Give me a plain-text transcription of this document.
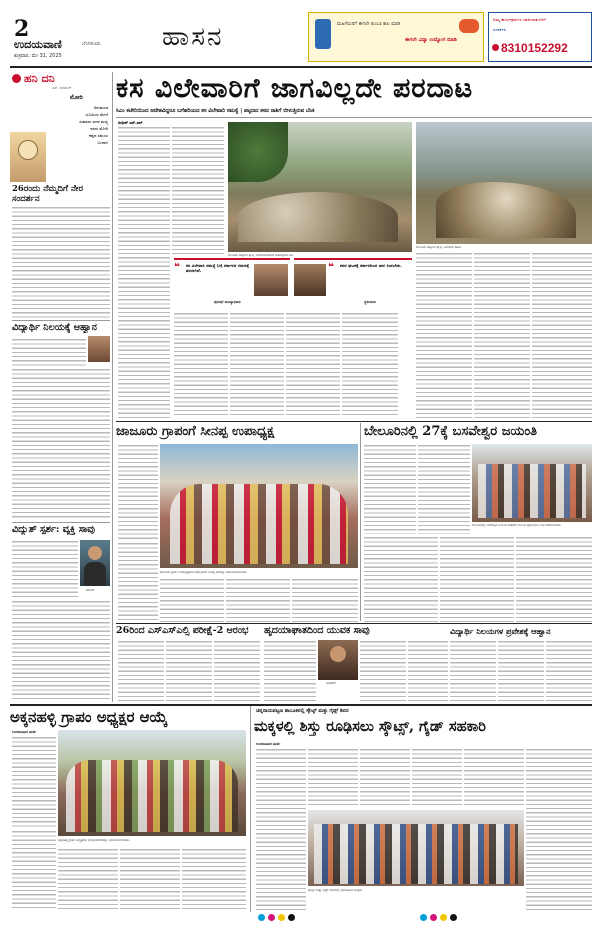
2
ಉದಯವಾಣಿ	ಬೆಂಗಳೂರು
ಶುಕ್ರವಾರ, ಮೇ 31, 2025
ಹಾಸನ	ಮಹಿಳೆಯರಿಗೆ ಈಗಲೇ ತುಂಬಾ ಕಾಲ ಮಾಡಿ
ಈಗಲೇ ವಿದ್ಯಾ ಉದ್ಯೋಗ ಮಾಡಿ
ನಿಮ್ಮ ಕಾರ್ಯಕ್ರಮಗಳ ಜಾಹೀರಾತುಗಳಿಗೆ
ಸಂಪರ್ಕಿಸಿ
8310152292
ಹನಿ ದನಿ
ಎಸ್. ಪರಮೇಶ್
ಮೋರಿ
ಅನುಮಂಡ
ಭೂಮಿಯ ಮೇಲೆ
ಸುಮಾರು ಐದರ ಮಧ್ಯ
ಇರದು ಮೋರಿ
ಕಷ್ಟದ ಸಮಯ
ಬಂದಾಗ
26ರಂದು ನೆಮ್ಮದಿಗೆ ನೇರ ಸಂದರ್ಶನ
ವಿದ್ಯಾರ್ಥಿ ನಿಲಯಕ್ಕೆ ಆಹ್ವಾನ
ವಿದ್ಯುತ್ ಸ್ಪರ್ಶ: ವ್ಯಕ್ತಿ ಸಾವು
ರಮೇಶ್
ಕಸ ವಿಲೇವಾರಿಗೆ ಜಾಗವಿಲ್ಲದೇ ಪರದಾಟ
ಸಿಎಂ ಕಚೇರಿಯಿಂದ ಆದೇಶವಿದ್ದರೂ ಬಗೆಹರಿಯದ ಕಸ ವಿಲೇವಾರಿ ಸಮಸ್ಯೆ | ಪಟ್ಟಣದ ಕಸದ ರಾಶಿಗೆ ಬೀಳುತ್ತಿರುವ ಬೆಂಕಿ
ಸುಧೀರ್ ಎಸ್.ಎಲ್
ಬೇಲೂರು ಪಟ್ಟಣದ ತ್ಯಾಜ್ಯ ವಿಲೇವಾರಿಯಾಗದೆ ರಾಶಿಗಟ್ಟಿರುವ ಕಸ.
ಬೇಲೂರು ಪಟ್ಟಣದ ತ್ಯಾಜ್ಯ ವಿಲೇವಾರಿ ಘಟಕ.
❝ ಕಸ ವಿಲೇವಾರಿ ಸಮಸ್ಯೆ ಬಗ್ಗೆ ಸರ್ಕಾರದ ಗಮನಕ್ಕೆ ತರಲಾಗಿದೆ.
ಪುರಸಭೆ ಮುಖ್ಯಾಧಿಕಾರಿ
❝ ಕಸದ ಘಟಕಕ್ಕೆ ಸರ್ಕಾರದಿಂದ ಜಾಗ ನೀಡಬೇಕು.
ಸ್ಥಳೀಯರು
ಜಾಜೂರು ಗ್ರಾಪಂಗೆ ಸೀನಪ್ಪ ಉಪಾಧ್ಯಕ್ಷ
ಜಾಜೂರು ಗ್ರಾಪಂ ಉಪಾಧ್ಯಕ್ಷರಾಗಿ ಆಯ್ಕೆಯಾದ ಸೀನಪ್ಪ ಅವರನ್ನು ಅಭಿನಂದಿಸಲಾಯಿತು.
ಬೇಲೂರಿನಲ್ಲಿ 27ಕ್ಕೆ ಬಸವೇಶ್ವರ ಜಯಂತಿ
ಬೇಲೂರಿನಲ್ಲಿ ಬಸವೇಶ್ವರ ಜಯಂತಿ ಆಚರಣೆ ಸಂಬಂಧ ಪೂರ್ವಭಾವಿ ಸಭೆ ನಡೆಸಲಾಯಿತು.
26ರಿಂದ ಎಸ್ಎಸ್ಎಲ್ಸಿ ಪರೀಕ್ಷೆ-2 ಆರಂಭ	ಹೃದಯಾಘಾತದಿಂದ ಯುವಕ ಸಾವು
ಅಭಿಷೇಕ್
ವಿದ್ಯಾರ್ಥಿ ನಿಲಯಗಳ ಪ್ರವೇಶಕ್ಕೆ ಆಹ್ವಾನ
ಅಕ್ಕನಹಳ್ಳಿ ಗ್ರಾಪಂ ಅಧ್ಯಕ್ಷರ ಆಯ್ಕೆ
ಉದಯವಾಣಿ ವಾರ್ತೆ
ಅಕ್ಕನಹಳ್ಳಿ ಗ್ರಾಪಂ ಅಧ್ಯಕ್ಷರಾಗಿ ಆಯ್ಕೆಯಾದವರನ್ನು ಅಭಿನಂದಿಸಲಾಯಿತು.
ಚನ್ನರಾಯಪಟ್ಟಣ ತಾಲೂಕಿನಲ್ಲಿ ಸ್ಕೌಟ್ಸ್ ಮತ್ತು ಗೈಡ್ಸ್ ಶಿಬಿರ
ಮಕ್ಕಳಲ್ಲಿ ಶಿಸ್ತು ರೂಢಿಸಲು ಸ್ಕೌಟ್ಸ್, ಗೈಡ್ ಸಹಕಾರಿ
ಉದಯವಾಣಿ ವಾರ್ತೆ
ಸ್ಕೌಟ್ಸ್ ಮತ್ತು ಗೈಡ್ಸ್ ಶಿಬಿರದಲ್ಲಿ ಭಾಗವಹಿಸಿದ ಮಕ್ಕಳು.
